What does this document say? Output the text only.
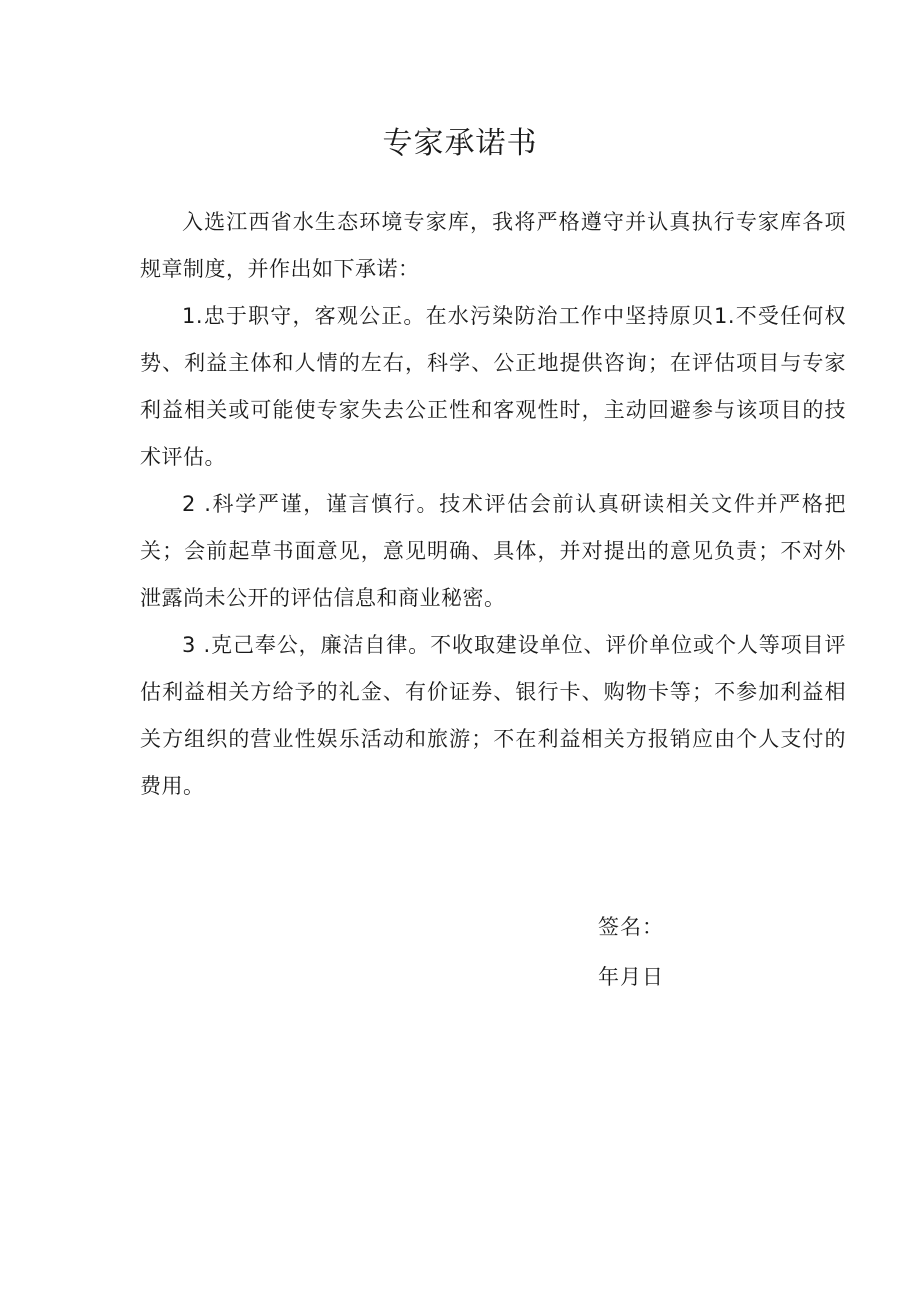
专家承诺书

入选江西省水生态环境专家库，我将严格遵守并认真执行专家库各项规章制度，并作出如下承诺：

1.忠于职守，客观公正。在水污染防治工作中坚持原贝1.不受任何权势、利益主体和人情的左右，科学、公正地提供咨询；在评估项目与专家利益相关或可能使专家失去公正性和客观性时，主动回避参与该项目的技术评估。

2 .科学严谨，谨言慎行。技术评估会前认真研读相关文件并严格把关；会前起草书面意见，意见明确、具体，并对提出的意见负责；不对外泄露尚未公开的评估信息和商业秘密。

3 .克己奉公，廉洁自律。不收取建设单位、评价单位或个人等项目评估利益相关方给予的礼金、有价证券、银行卡、购物卡等；不参加利益相关方组织的营业性娱乐活动和旅游；不在利益相关方报销应由个人支付的费用。

签名：
年月日
